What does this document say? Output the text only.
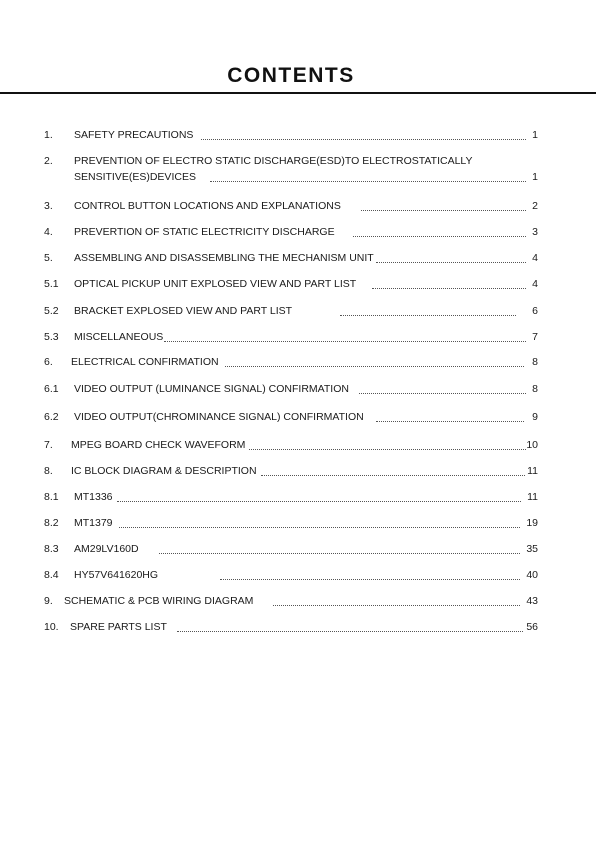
CONTENTS
1.	SAFETY PRECAUTIONS	1
2.	PREVENTION OF ELECTRO STATIC DISCHARGE(ESD)TO ELECTROSTATICALLY
SENSITIVE(ES)DEVICES	1
3.	CONTROL BUTTON LOCATIONS AND EXPLANATIONS	2
4.	PREVERTION OF STATIC ELECTRICITY DISCHARGE	3
5.	ASSEMBLING AND DISASSEMBLING THE MECHANISM UNIT	4
5.1	OPTICAL PICKUP UNIT EXPLOSED VIEW AND PART LIST	4
5.2	BRACKET EXPLOSED VIEW AND PART LIST	6
5.3	MISCELLANEOUS	7
6.	ELECTRICAL CONFIRMATION	8
6.1	VIDEO OUTPUT (LUMINANCE SIGNAL) CONFIRMATION	8
6.2	VIDEO OUTPUT(CHROMINANCE SIGNAL) CONFIRMATION	9
7.	MPEG BOARD CHECK WAVEFORM	10
8.	IC BLOCK DIAGRAM & DESCRIPTION	11
8.1	MT1336	11
8.2	MT1379	19
8.3	AM29LV160D	35
8.4	HY57V641620HG	40
9.	SCHEMATIC & PCB WIRING DIAGRAM	43
10.	SPARE PARTS LIST	56
